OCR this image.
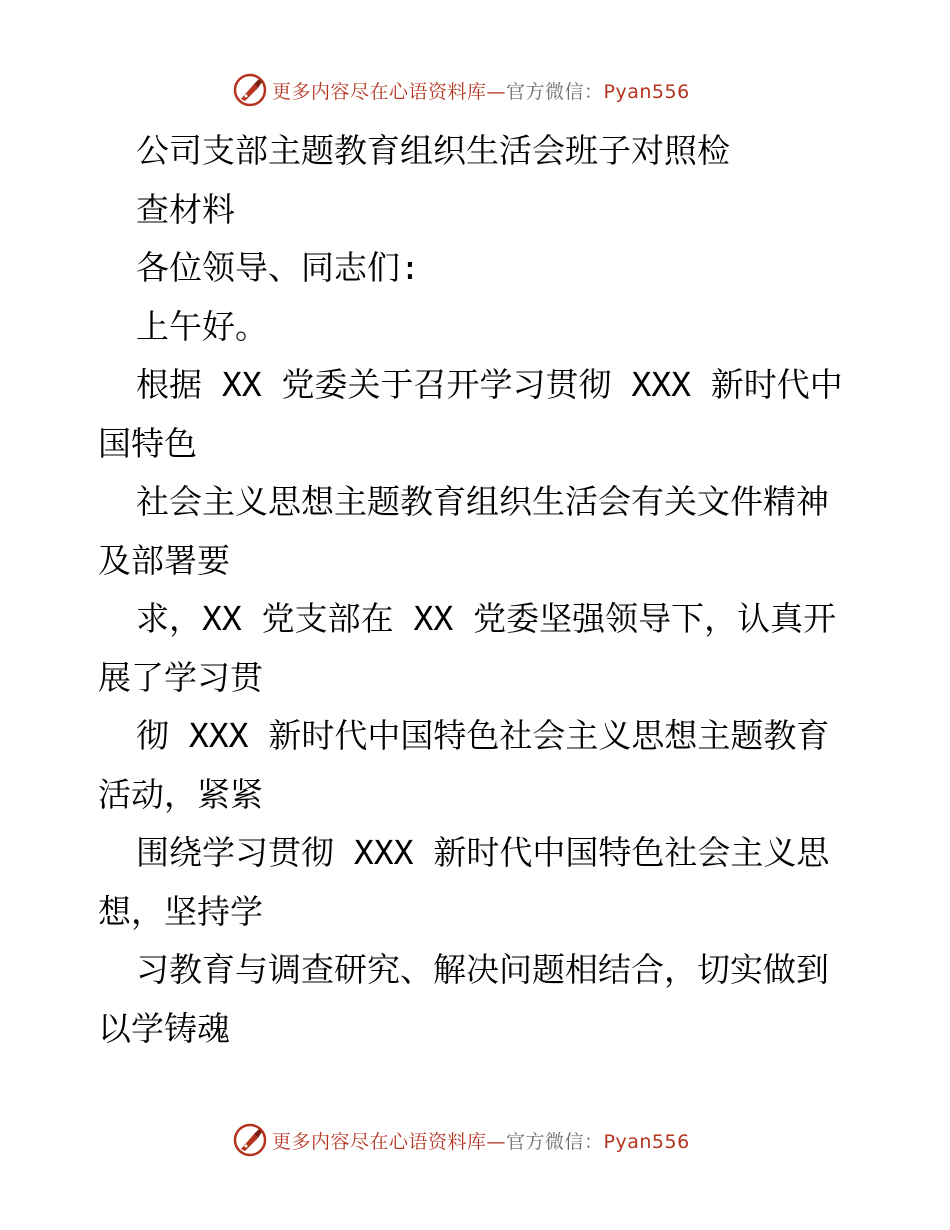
更多内容尽在心语资料库—官方微信：Pyan556
公司支部主题教育组织生活会班子对照检
查材料
各位领导、同志们:
上午好。
根据 XX 党委关于召开学习贯彻 XXX 新时代中
国特色
社会主义思想主题教育组织生活会有关文件精神
及部署要
求，XX 党支部在 XX 党委坚强领导下，认真开
展了学习贯
彻 XXX 新时代中国特色社会主义思想主题教育
活动，紧紧
围绕学习贯彻 XXX 新时代中国特色社会主义思
想，坚持学
习教育与调查研究、解决问题相结合，切实做到
以学铸魂
更多内容尽在心语资料库—官方微信：Pyan556
